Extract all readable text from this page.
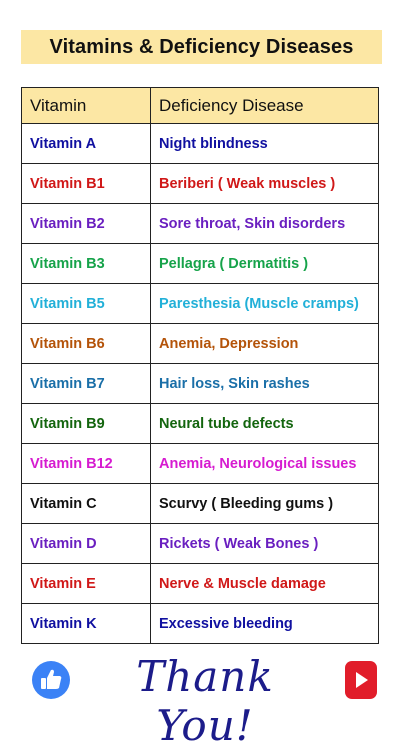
Vitamins & Deficiency Diseases
Vitamin	Deficiency Disease
Vitamin A	Night blindness
Vitamin B1	Beriberi ( Weak muscles )
Vitamin B2	Sore throat, Skin disorders
Vitamin B3	Pellagra ( Dermatitis )
Vitamin B5	Paresthesia (Muscle cramps)
Vitamin B6	Anemia, Depression
Vitamin B7	Hair loss, Skin rashes
Vitamin B9	Neural tube defects
Vitamin B12	Anemia, Neurological issues
Vitamin C	Scurvy ( Bleeding gums )
Vitamin D	Rickets ( Weak Bones )
Vitamin E	Nerve & Muscle damage
Vitamin K	Excessive bleeding
Thank You!
